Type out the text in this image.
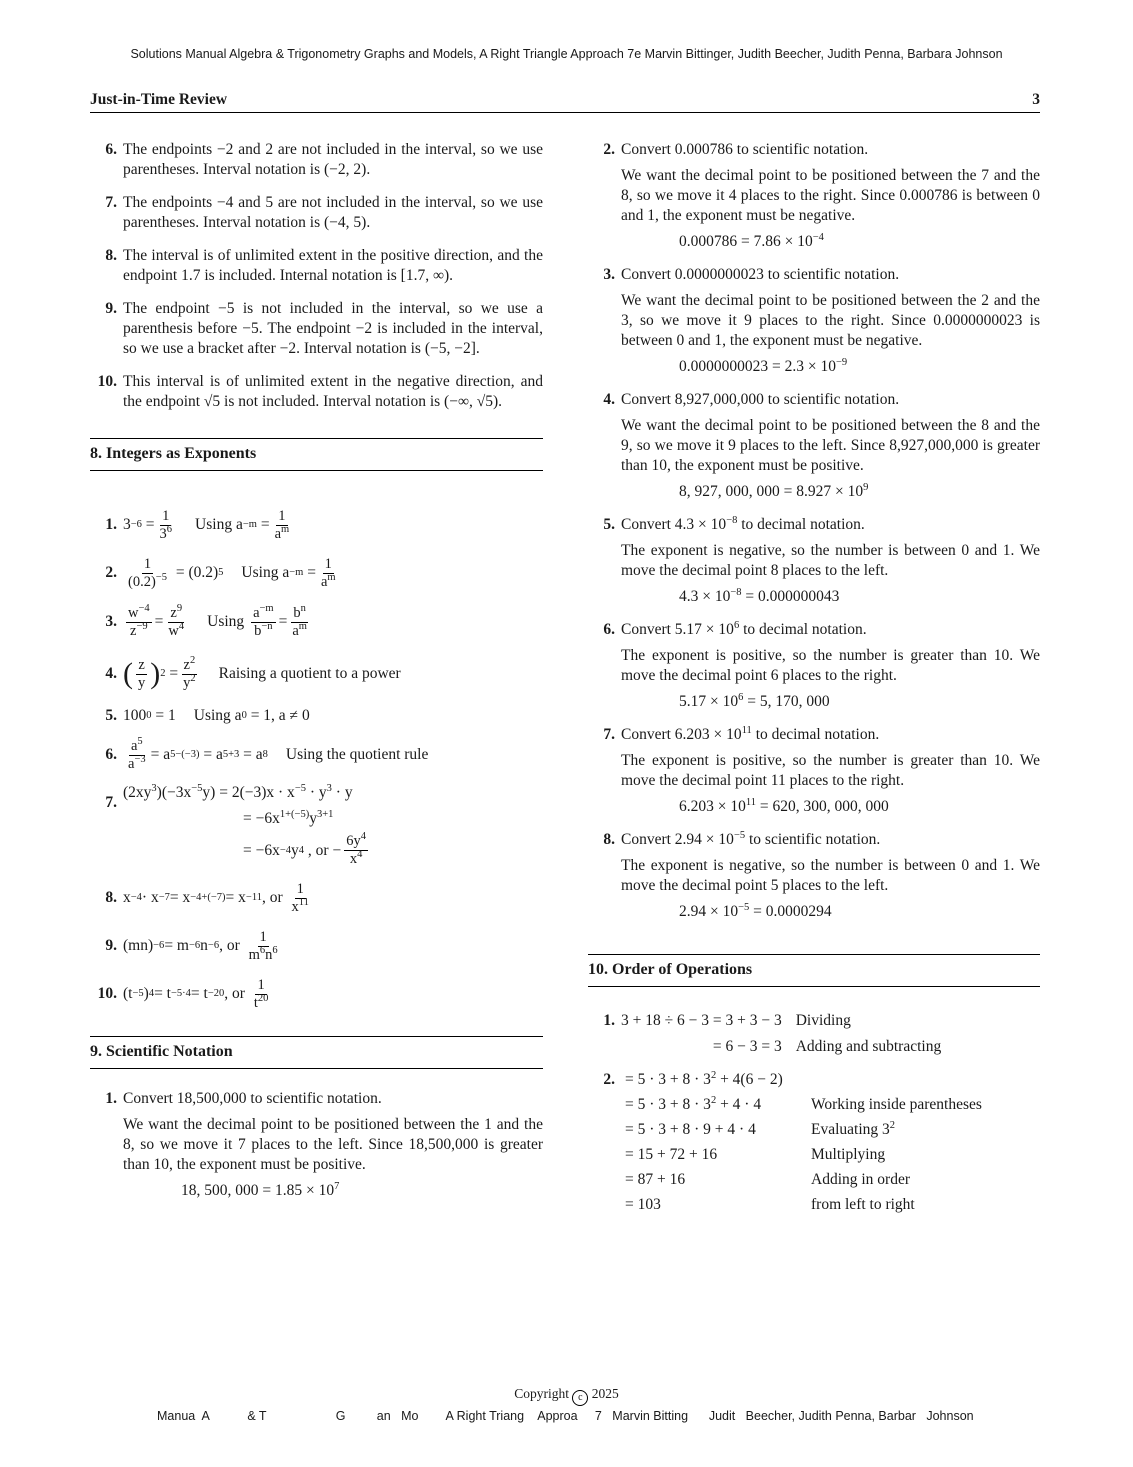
Solutions Manual Algebra & Trigonometry Graphs and Models, A Right Triangle Approach 7e Marvin Bittinger, Judith Beecher, Judith Penna, Barbara Johnson
Just-in-Time Review	3
6. The endpoints −2 and 2 are not included in the interval, so we use parentheses. Interval notation is (−2, 2).
7. The endpoints −4 and 5 are not included in the interval, so we use parentheses. Interval notation is (−4, 5).
8. The interval is of unlimited extent in the positive direction, and the endpoint 1.7 is included. Internal notation is [1.7, ∞).
9. The endpoint −5 is not included in the interval, so we use a parenthesis before −5. The endpoint −2 is included in the interval, so we use a bracket after −2. Interval notation is (−5, −2].
10. This interval is of unlimited extent in the negative direction, and the endpoint √5 is not included. Interval notation is (−∞, √5).
8. Integers as Exponents
1. $3 -6 = \frac{1}{3^6}$ Using
$a -m = \frac{1}{a^m}$
2. $\frac{1}{(0.2)^{-5}}$
= (0.2) 5 Using
$a -m = \frac{1}{a^m}$
3. $\frac{w^{-4}}{z^{-9}} = \frac{z^9}{w^4}$ Using
$\frac{a^{-m}}{b^{-n}} = \frac{b^n}{a^m}$
4. ( $\frac{z}{y}$ ) $2 = \frac{z^2}{y^2}$ Raising a quotient to a power
5. 100 0
= 1 Using
a 0
= 1, a ≠ 0
6. $\frac{a^5}{a^{-3}} = a$ 5−(−3)
= a 5+3
= a 8 Using the quotient rule
7.
$(2xy^3)(-3x^{-5}y) = 2(-3)x \cdot x^{-5} \cdot y^3 \cdot y$
= $-6x^{1+(-5)}y^{3+1}$
= −6x −4 y 4
, or − $\frac{6y^4}{x^4}$
8. x −4 · x −7 = x −4+(−7) = x −11 , or
$\frac{1}{x^{11}}$
9. (mn) −6 = m −6 n −6 , or
$\frac{1}{m^6n^6}$
10. (t −5 ) 4 = t −5·4 = t −20 , or
$\frac{1}{t^{20}}$
9. Scientific Notation
1. Convert 18,500,000 to scientific notation.
We want the decimal point to be positioned between the 1 and the 8, so we move it 7 places to the left. Since 18,500,000 is greater than 10, the exponent must be positive.
18, 500, $000 = 1.85 \times 10^7$
2. Convert 0.000786 to scientific notation.
We want the decimal point to be positioned between the 7 and the 8, so we move it 4 places to the right. Since 0.000786 is between 0 and 1, the exponent must be negative.
$0.000786 = 7.86 \times 10^{-4}$
3. Convert 0.0000000023 to scientific notation.
We want the decimal point to be positioned between the 2 and the 3, so we move it 9 places to the right. Since 0.0000000023 is between 0 and 1, the exponent must be negative.
$0.0000000023 = 2.3 \times 10^{-9}$
4. Convert 8,927,000,000 to scientific notation.
We want the decimal point to be positioned between the 8 and the 9, so we move it 9 places to the left. Since 8,927,000,000 is greater than 10, the exponent must be positive.
8, 927, 000, $000 = 8.927 \times 10^9$
5. Convert $4.3 \times 10^{-8}$ to decimal notation.
The exponent is negative, so the number is between 0 and 1. We move the decimal point 8 places to the left.
$4.3 \times 10^{-8} = 0.000000043$
6. Convert $5.17 \times 10^6$ to decimal notation.
The exponent is positive, so the number is greater than 10. We move the decimal point 6 places to the right.
$5.17 \times 10^6 = 5$, 170, 000
7. Convert $6.203 \times 10^{11}$ to decimal notation.
The exponent is positive, so the number is greater than 10. We move the decimal point 11 places to the right.
$6.203 \times 10^{11} = 620$, 300, 000, 000
8. Convert $2.94 \times 10^{-5}$ to scientific notation.
The exponent is negative, so the number is between 0 and 1. We move the decimal point 5 places to the left.
$2.94 \times 10^{-5} = 0.0000294$
10. Order of Operations
1. 3 + 18 ÷ 6 − 3 = 3 + 3 − 3 Dividing
= 6 − 3 = 3 Adding and subtracting
2. = $5 \cdot 3 + 8 \cdot 3^2 + 4(6 - 2)$
= $5 \cdot 3 + 8 \cdot 3^2 + 4 \cdot 4$	Working inside parentheses
= 5 · 3 + 8 · 9 + 4 · 4	Evaluating $3^2$
= 15 + 72 + 16	Multiplying
= 87 + 16	Adding in order
= 103	from left to right
Copyright c 2025
Manua  A           & T                    G         an   Mo        A Right Triang    Approa     7   Marvin Bitting      Judit   Beecher, Judith Penna, Barbar   Johnson
